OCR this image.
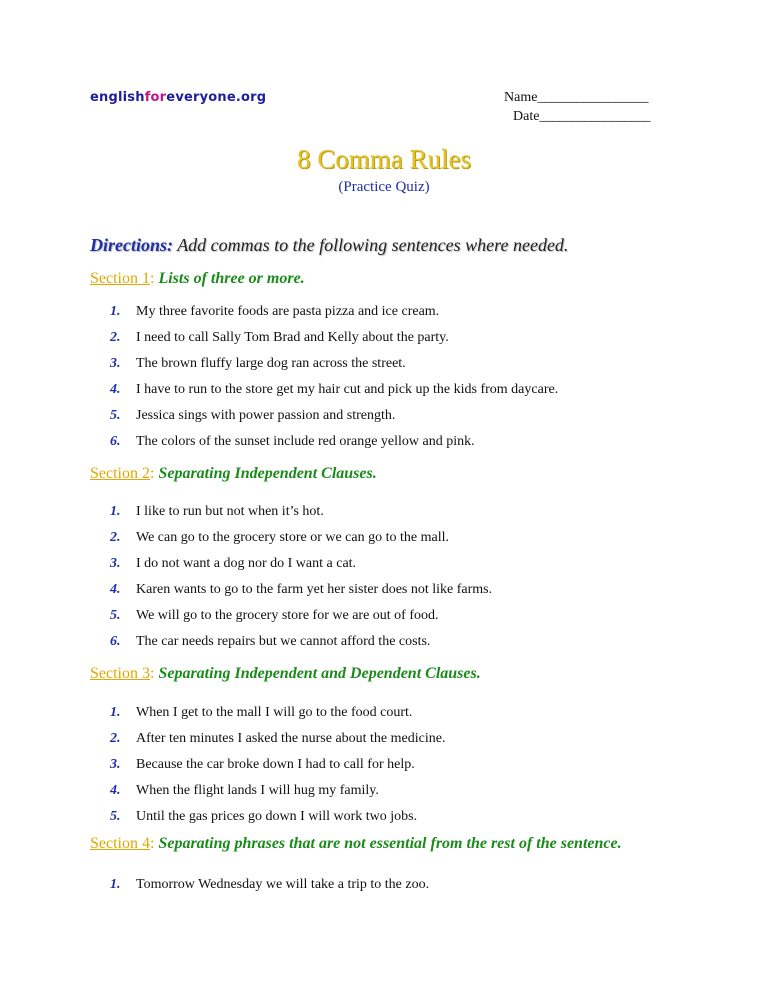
englishforeveryone.org	Name_________________
Date_________________
8 Comma Rules
(Practice Quiz)
Directions: Add commas to the following sentences where needed.
Section 1: Lists of three or more.
1. My three favorite foods are pasta pizza and ice cream.
2. I need to call Sally Tom Brad and Kelly about the party.
3. The brown fluffy large dog ran across the street.
4. I have to run to the store get my hair cut and pick up the kids from daycare.
5. Jessica sings with power passion and strength.
6. The colors of the sunset include red orange yellow and pink.
Section 2: Separating Independent Clauses.
1. I like to run but not when it’s hot.
2. We can go to the grocery store or we can go to the mall.
3. I do not want a dog nor do I want a cat.
4. Karen wants to go to the farm yet her sister does not like farms.
5. We will go to the grocery store for we are out of food.
6. The car needs repairs but we cannot afford the costs.
Section 3: Separating Independent and Dependent Clauses.
1. When I get to the mall I will go to the food court.
2. After ten minutes I asked the nurse about the medicine.
3. Because the car broke down I had to call for help.
4. When the flight lands I will hug my family.
5. Until the gas prices go down I will work two jobs.
Section 4: Separating phrases that are not essential from the rest of the sentence.
1. Tomorrow Wednesday we will take a trip to the zoo.
